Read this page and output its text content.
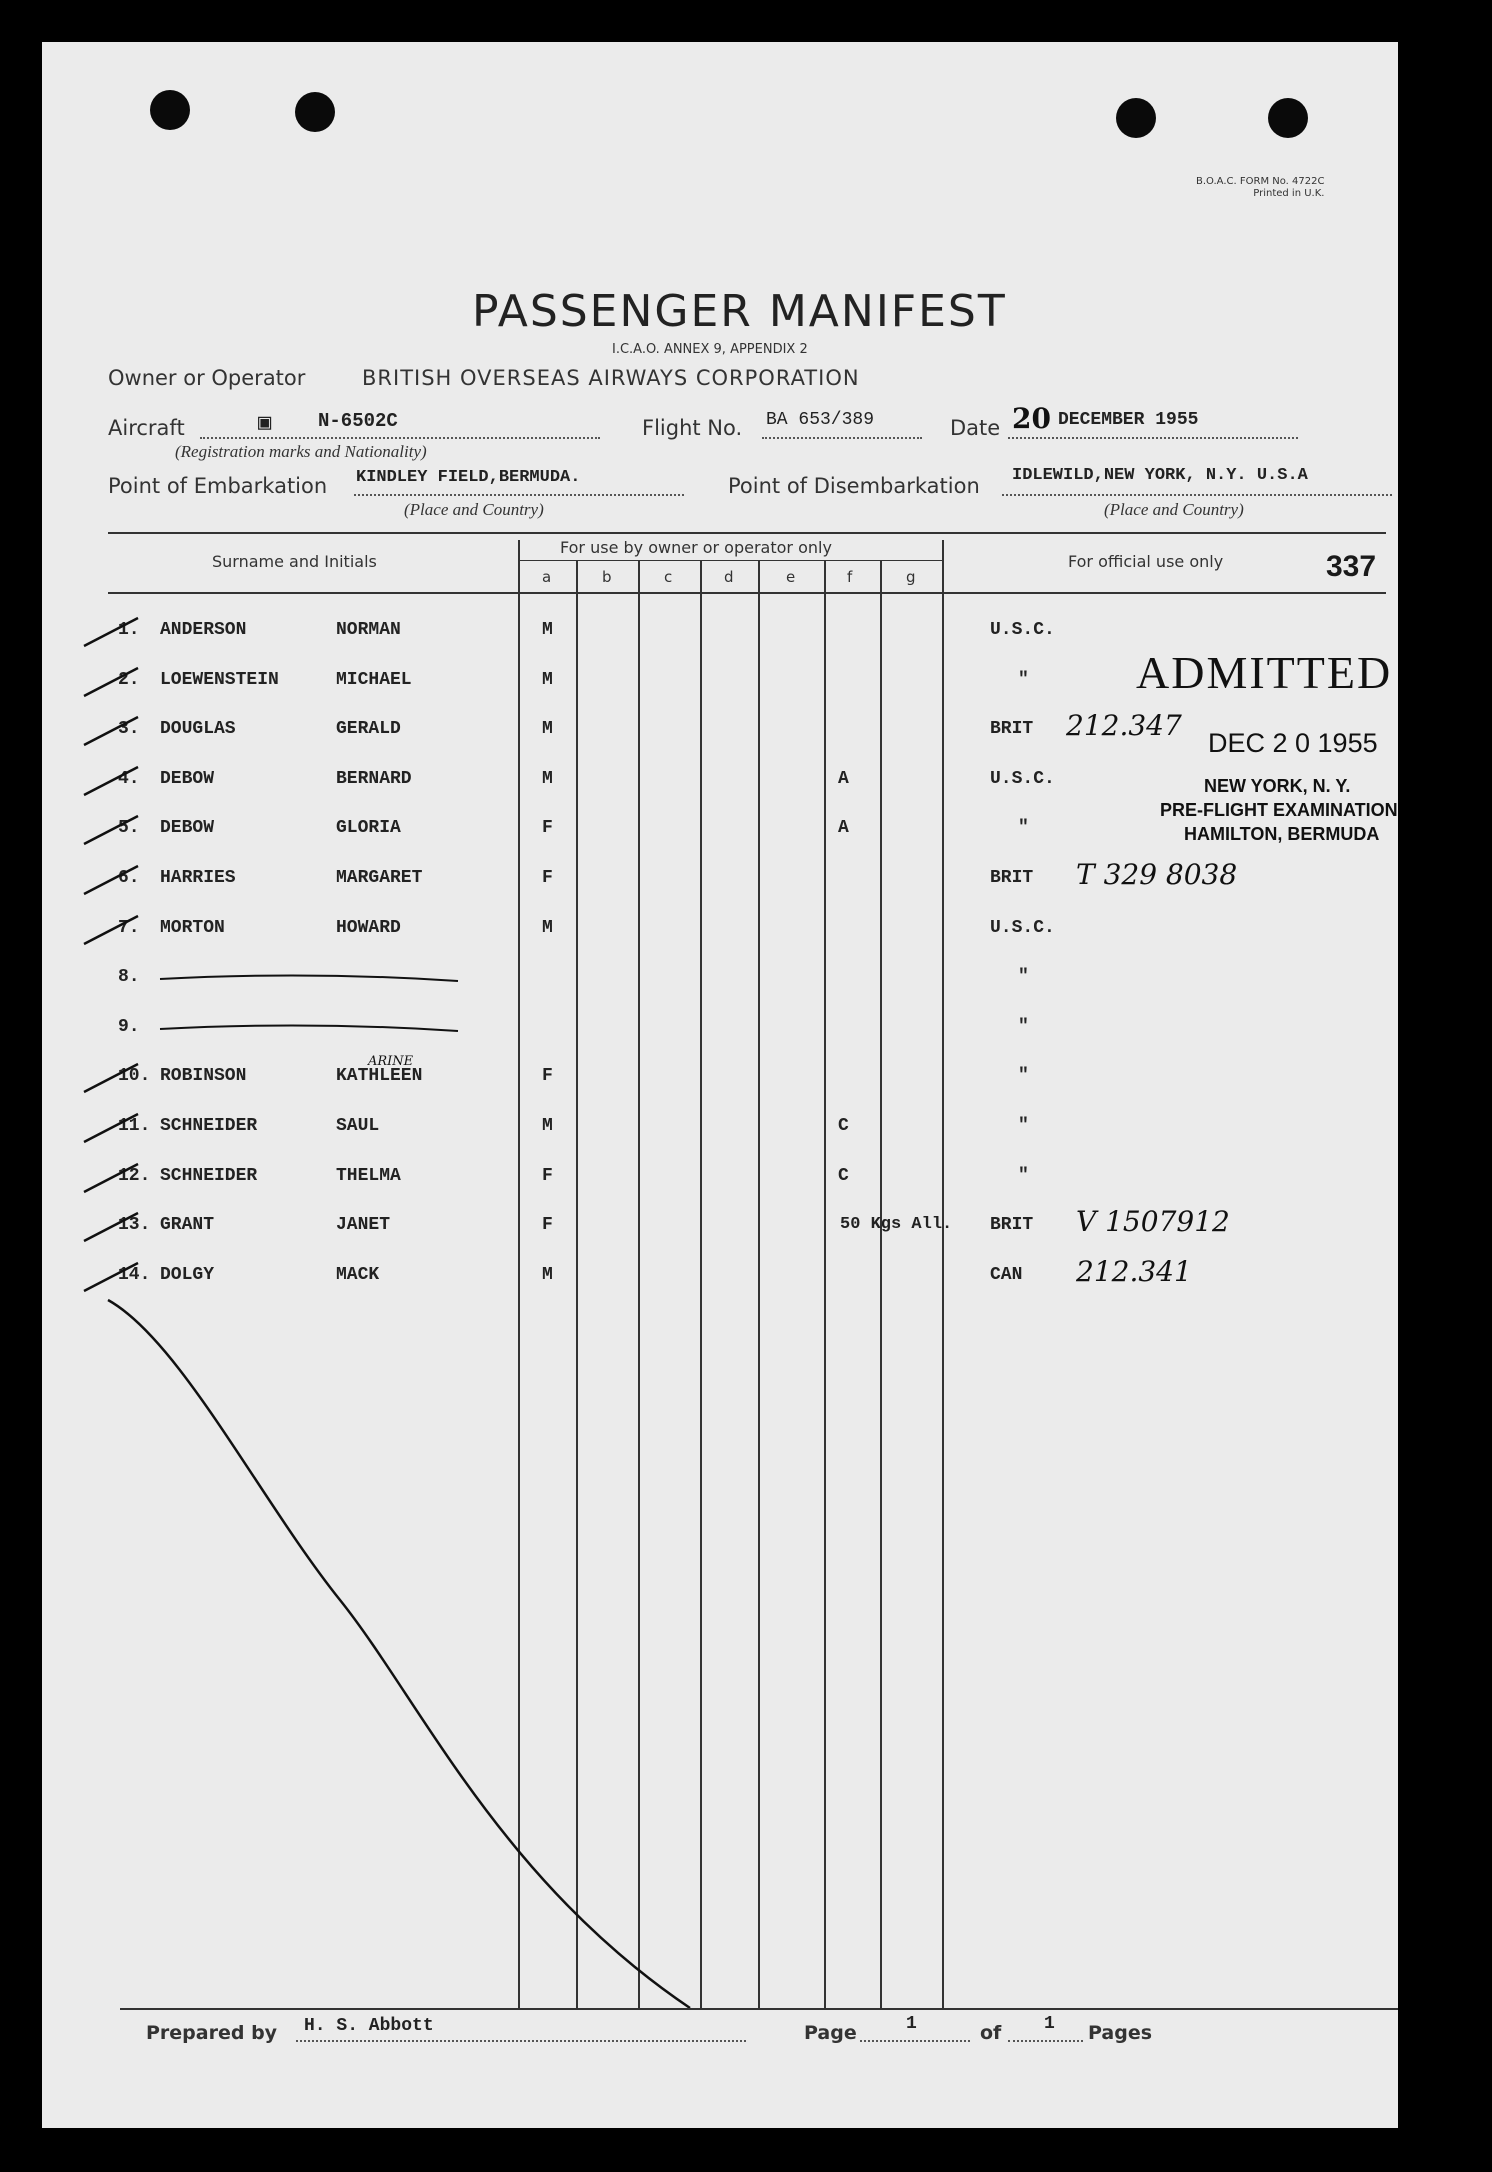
B.O.A.C. FORM No. 4722C
Printed in U.K.
PASSENGER MANIFEST
I.C.A.O. ANNEX 9, APPENDIX 2
Owner or Operator	BRITISH OVERSEAS AIRWAYS CORPORATION
Aircraft	▣ N-6502C
(Registration marks and Nationality)
Flight No. BA 653/389	Date 20 DECEMBER 1955
Point of Embarkation KINDLEY FIELD,BERMUDA.
(Place and Country)
Point of Disembarkation IDLEWILD,NEW YORK, N.Y. U.S.A
(Place and Country)
Surname and Initials
For use by owner or operator only
For official use only	337
a	b	c	d	e	f	g
1. ANDERSON	NORMAN	M	U.S.C.
2. LOEWENSTEIN	MICHAEL	M	"
3. DOUGLAS	GERALD	M	BRIT 212.347
4. DEBOW	BERNARD	M	A	U.S.C.
5. DEBOW	GLORIA	F	A	"
6. HARRIES	MARGARET	F	BRIT T 329 8038
7. MORTON	HOWARD	M	U.S.C.
8.	"
9.	"
10. ROBINSON	KATHLEEN	F	"
11. SCHNEIDER	SAUL	M	C	"
12. SCHNEIDER	THELMA	F	C	"
13. GRANT	JANET	F	50 Kgs All. BRIT V 1507912
14. DOLGY	MACK	M	CAN 212.341
ARINE
ADMITTED
DEC 2 0 1955
NEW YORK, N. Y.
PRE-FLIGHT EXAMINATION
HAMILTON, BERMUDA
Prepared by H. S. Abbott	Page	1	of 1 Pages
